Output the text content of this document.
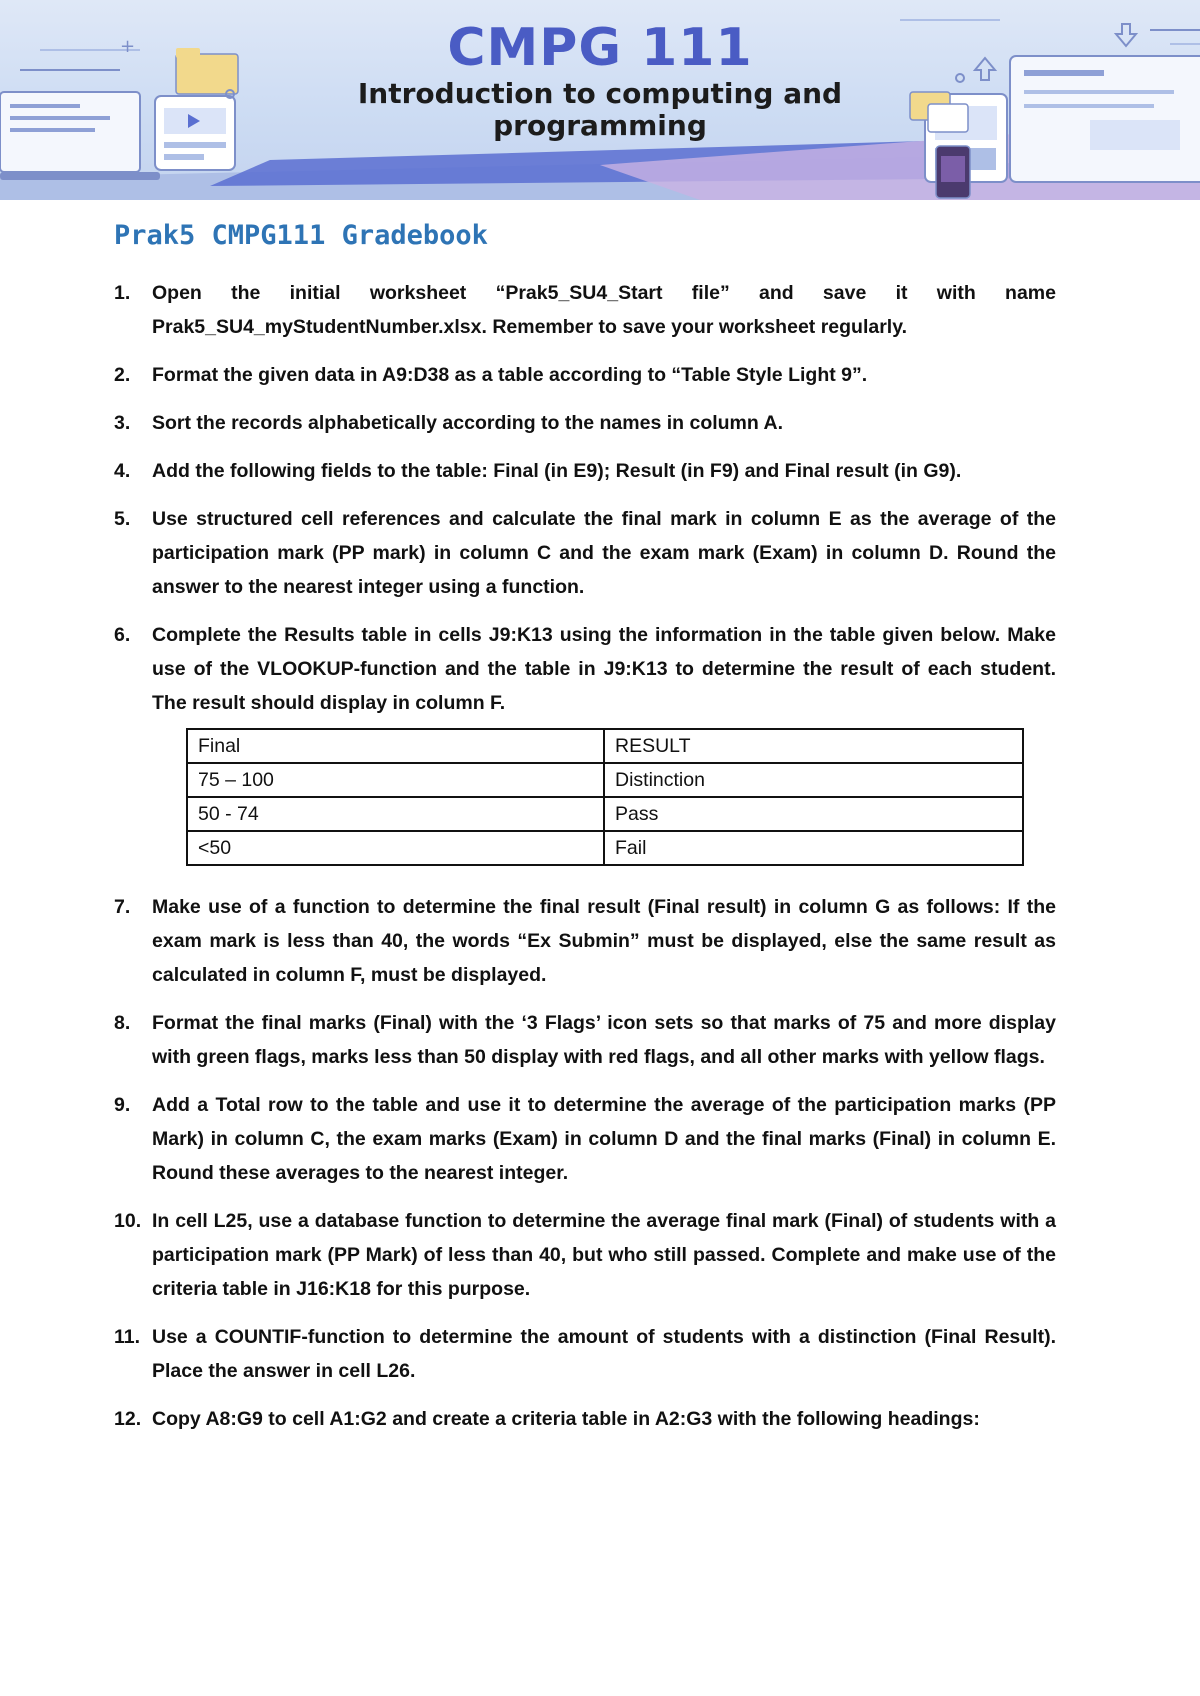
+	CMPG 111
Introduction to computing and programming
Prak5 CMPG111 Gradebook
1.	Open the initial worksheet “Prak5_SU4_Start file” and save it with name Prak5_SU4_myStudentNumber.xlsx. Remember to save your worksheet regularly.
2.	Format the given data in A9:D38 as a table according to “Table Style Light 9”.
3.	Sort the records alphabetically according to the names in column A.
4.	Add the following fields to the table: Final (in E9); Result (in F9) and Final result (in G9).
5.	Use structured cell references and calculate the final mark in column E as the average of the participation mark (PP mark) in column C and the exam mark (Exam) in column D. Round the answer to the nearest integer using a function.
6.	Complete the Results table in cells J9:K13 using the information in the table given below. Make use of the VLOOKUP-function and the table in J9:K13 to determine the result of each student. The result should display in column F.
Final	RESULT
75 – 100	Distinction
50 - 74	Pass
<50	Fail
7.	Make use of a function to determine the final result (Final result) in column G as follows: If the exam mark is less than 40, the words “Ex Submin” must be displayed, else the same result as calculated in column F, must be displayed.
8.	Format the final marks (Final) with the ‘3 Flags’ icon sets so that marks of 75 and more display with green flags, marks less than 50 display with red flags, and all other marks with yellow flags.
9.	Add a Total row to the table and use it to determine the average of the participation marks (PP Mark) in column C, the exam marks (Exam) in column D and the final marks (Final) in column E. Round these averages to the nearest integer.
10. In cell L25, use a database function to determine the average final mark (Final) of students with a participation mark (PP Mark) of less than 40, but who still passed. Complete and make use of the criteria table in J16:K18 for this purpose.
11. Use a COUNTIF-function to determine the amount of students with a distinction (Final Result). Place the answer in cell L26.
12. Copy A8:G9 to cell A1:G2 and create a criteria table in A2:G3 with the following headings:
